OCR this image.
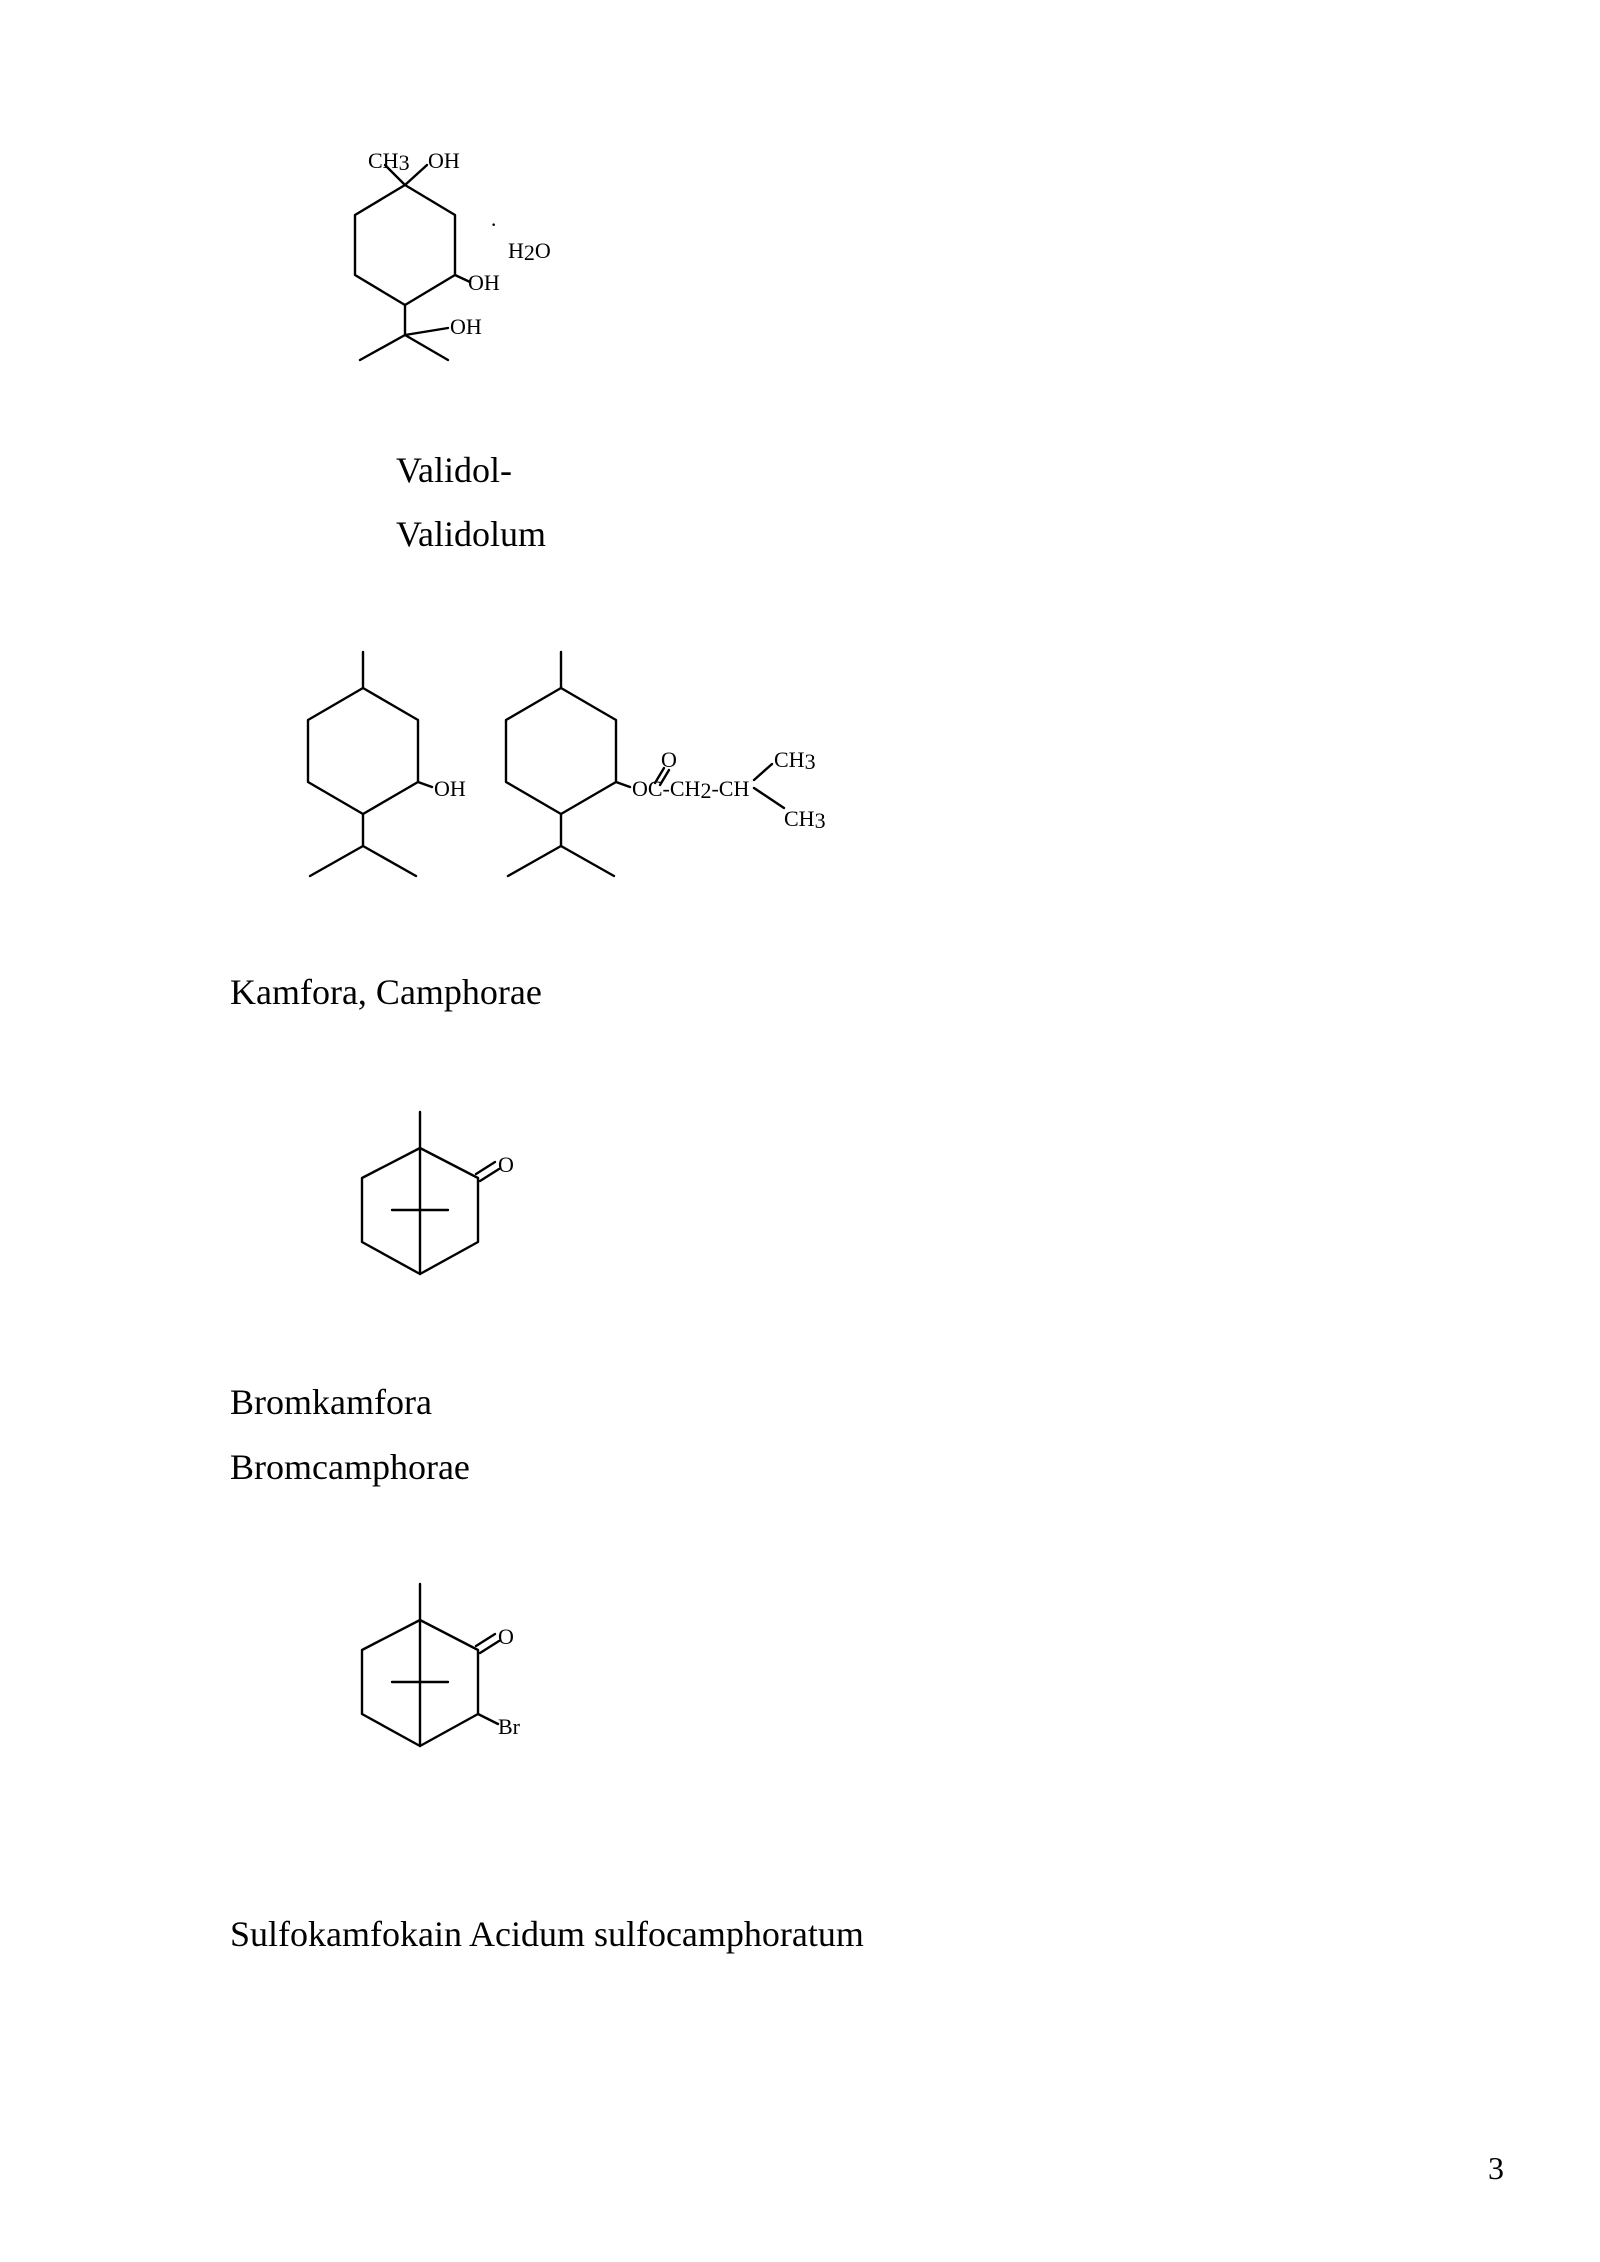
CH3 OH
OH
OH
·
H2O
Validol-
Validolum
OH
O
OC-CH2-CH
CH3
CH3
Kamfora, Camphorae
O
Bromkamfora
Bromcamphorae
O
Br
Sulfokamfokain Acidum sulfocamphoratum
3
